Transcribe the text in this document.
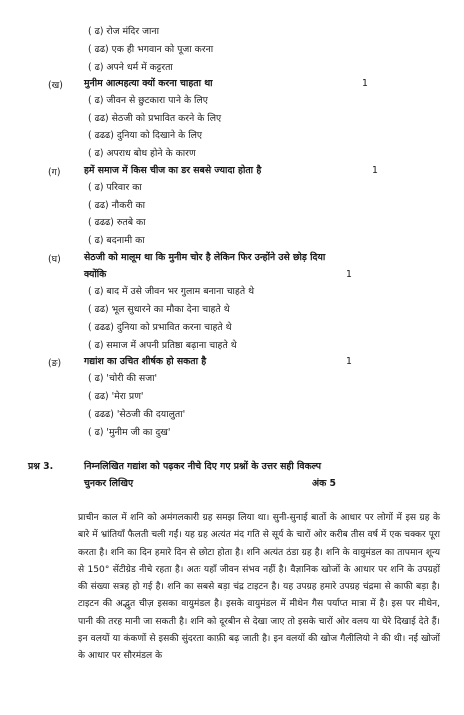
( ढ) रोज मंदिर जाना
( ढढ) एक ही भगवान को पूजा करना
( ढ) अपने धर्म में कट्टरता
(ख) मुनीम आत्महत्या क्यों करना चाहता था	1
( ढ) जीवन से छुटकारा पाने के लिए
( ढढ) सेठजी को प्रभावित करने के लिए
( ढढढ) दुनिया को दिखाने के लिए
( ढ) अपराध बोध होने के कारण
(ग)	हमें समाज में किस चीज का डर सबसे ज्यादा होता है	1
( ढ) परिवार का
( ढढ) नौकरी का
( ढढढ) रुतबे का
( ढ) बदनामी का
(घ)	सेठजी को मालूम था कि मुनीम चोर है लेकिन फिर उन्होंने उसे छोड़ दिया
क्योंकि	1
( ढ) बाद में उसे जीवन भर गुलाम बनाना चाहते थे
( ढढ) भूल सुधारने का मौका देना चाहते थे
( ढढढ) दुनिया को प्रभावित करना चाहते थे
( ढ) समाज में अपनी प्रतिष्ठा बढ़ाना चाहते थे
(ङ) गद्यांश का उचित शीर्षक हो सकता है	1
( ढ) 'चोरी की सजा'
( ढढ) 'मेरा प्रण'
( ढढढ) 'सेठजी की दयालुता'
( ढ) 'मुनीम जी का दुख'
प्रश्न 3.	निम्नलिखित गद्यांश को पढ़कर नीचे दिए गए प्रश्नों के उत्तर सही विकल्प
चुनकर लिखिए	अंक 5
प्राचीन काल में शनि को अमंगलकारी ग्रह समझ लिया था। सुनी-सुनाई बातों के आधार पर लोगों में इस ग्रह के बारे में भ्रांतियाँ फैलती चली गईं। यह ग्रह अत्यंत मंद गति से सूर्य के चारों ओर करीब तीस वर्ष में एक चक्कर पूरा करता है। शनि का दिन हमारे दिन से छोटा होता है। शनि अत्यंत ठंडा ग्रह है। शनि के वायुमंडल का तापमान शून्य से 150° सेंटीग्रेड नीचे रहता है। अतः यहाँ जीवन संभव नहीं है। वैज्ञानिक खोजों के आधार पर शनि के उपग्रहों की संख्या सत्रह हो गई है। शनि का सबसे बड़ा चंद्र टाइटन है। यह उपग्रह हमारे उपग्रह चंद्रमा से काफी बड़ा है। टाइटन की अद्भुत चीज़ इसका वायुमंडल है। इसके वायुमंडल में मीथेन गैस पर्याप्त मात्रा में है। इस पर मीथेन, पानी की तरह मानी जा सकती है। शनि को दूरबीन से देखा जाए तो इसके चारों ओर वलय या घेरे दिखाई देते हैं। इन वलयों या कंकणों से इसकी सुंदरता काफ़ी बढ़ जाती है। इन वलयों की खोज गैलीलियो ने की थी। नई खोजों के आधार पर सौरमंडल के
